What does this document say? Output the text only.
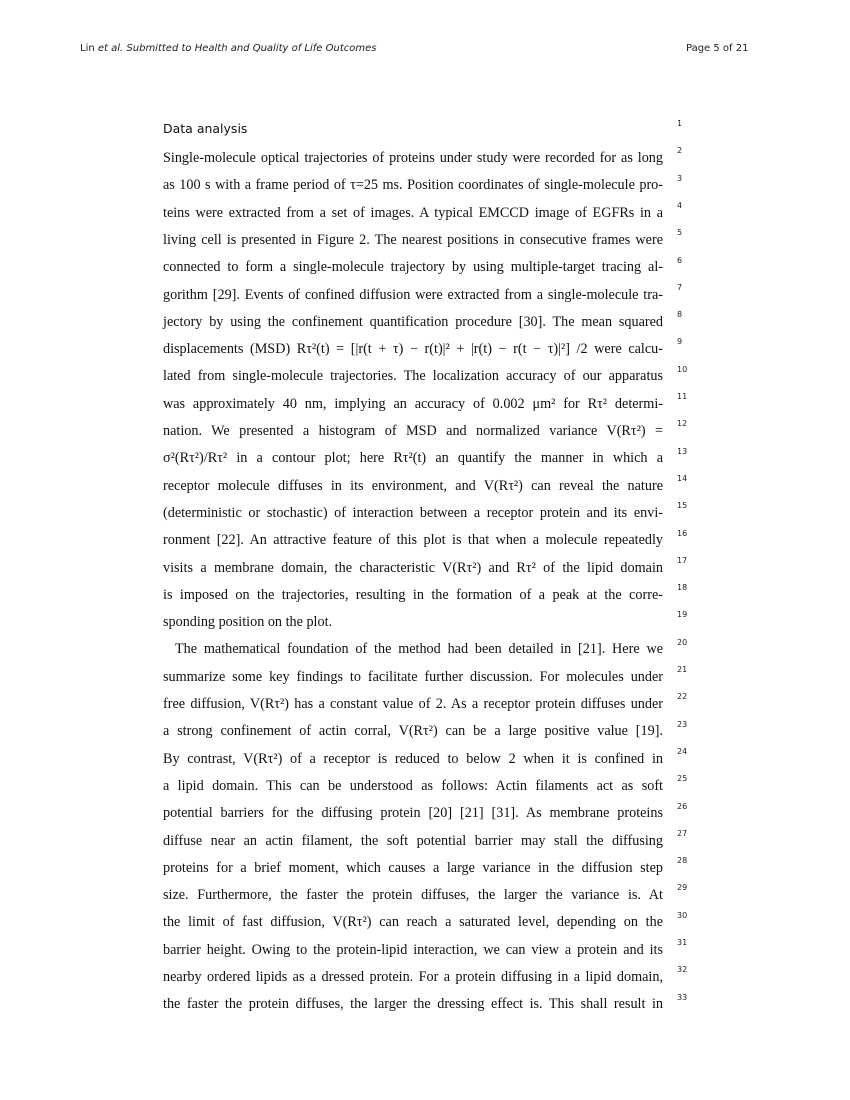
Lin et al. Submitted to Health and Quality of Life Outcomes	Page 5 of 21
Data analysis
Single-molecule optical trajectories of proteins under study were recorded for as long
as 100 s with a frame period of τ=25 ms. Position coordinates of single-molecule pro-
teins were extracted from a set of images. A typical EMCCD image of EGFRs in a
living cell is presented in Figure 2. The nearest positions in consecutive frames were
connected to form a single-molecule trajectory by using multiple-target tracing al-
gorithm [29]. Events of confined diffusion were extracted from a single-molecule tra-
jectory by using the confinement quantification procedure [30]. The mean squared
displacements (MSD) Rτ²(t) = [|r(t + τ) − r(t)|² + |r(t) − r(t − τ)|²] /2 were calcu-
lated from single-molecule trajectories. The localization accuracy of our apparatus
was approximately 40 nm, implying an accuracy of 0.002 μm² for Rτ² determi-
nation. We presented a histogram of MSD and normalized variance V(Rτ²) =
σ²(Rτ²)/Rτ² in a contour plot; here Rτ²(t) an quantify the manner in which a
receptor molecule diffuses in its environment, and V(Rτ²) can reveal the nature
(deterministic or stochastic) of interaction between a receptor protein and its envi-
ronment [22]. An attractive feature of this plot is that when a molecule repeatedly
visits a membrane domain, the characteristic V(Rτ²) and Rτ² of the lipid domain
is imposed on the trajectories, resulting in the formation of a peak at the corre-
sponding position on the plot.
The mathematical foundation of the method had been detailed in [21]. Here we
summarize some key findings to facilitate further discussion. For molecules under
free diffusion, V(Rτ²) has a constant value of 2. As a receptor protein diffuses under
a strong confinement of actin corral, V(Rτ²) can be a large positive value [19].
By contrast, V(Rτ²) of a receptor is reduced to below 2 when it is confined in
a lipid domain. This can be understood as follows: Actin filaments act as soft
potential barriers for the diffusing protein [20] [21] [31]. As membrane proteins
diffuse near an actin filament, the soft potential barrier may stall the diffusing
proteins for a brief moment, which causes a large variance in the diffusion step
size. Furthermore, the faster the protein diffuses, the larger the variance is. At
the limit of fast diffusion, V(Rτ²) can reach a saturated level, depending on the
barrier height. Owing to the protein-lipid interaction, we can view a protein and its
nearby ordered lipids as a dressed protein. For a protein diffusing in a lipid domain,
the faster the protein diffuses, the larger the dressing effect is. This shall result in
1
2
3
4
5
6
7
8
9
10
11
12
13
14
15
16
17
18
19
20
21
22
23
24
25
26
27
28
29
30
31
32
33
